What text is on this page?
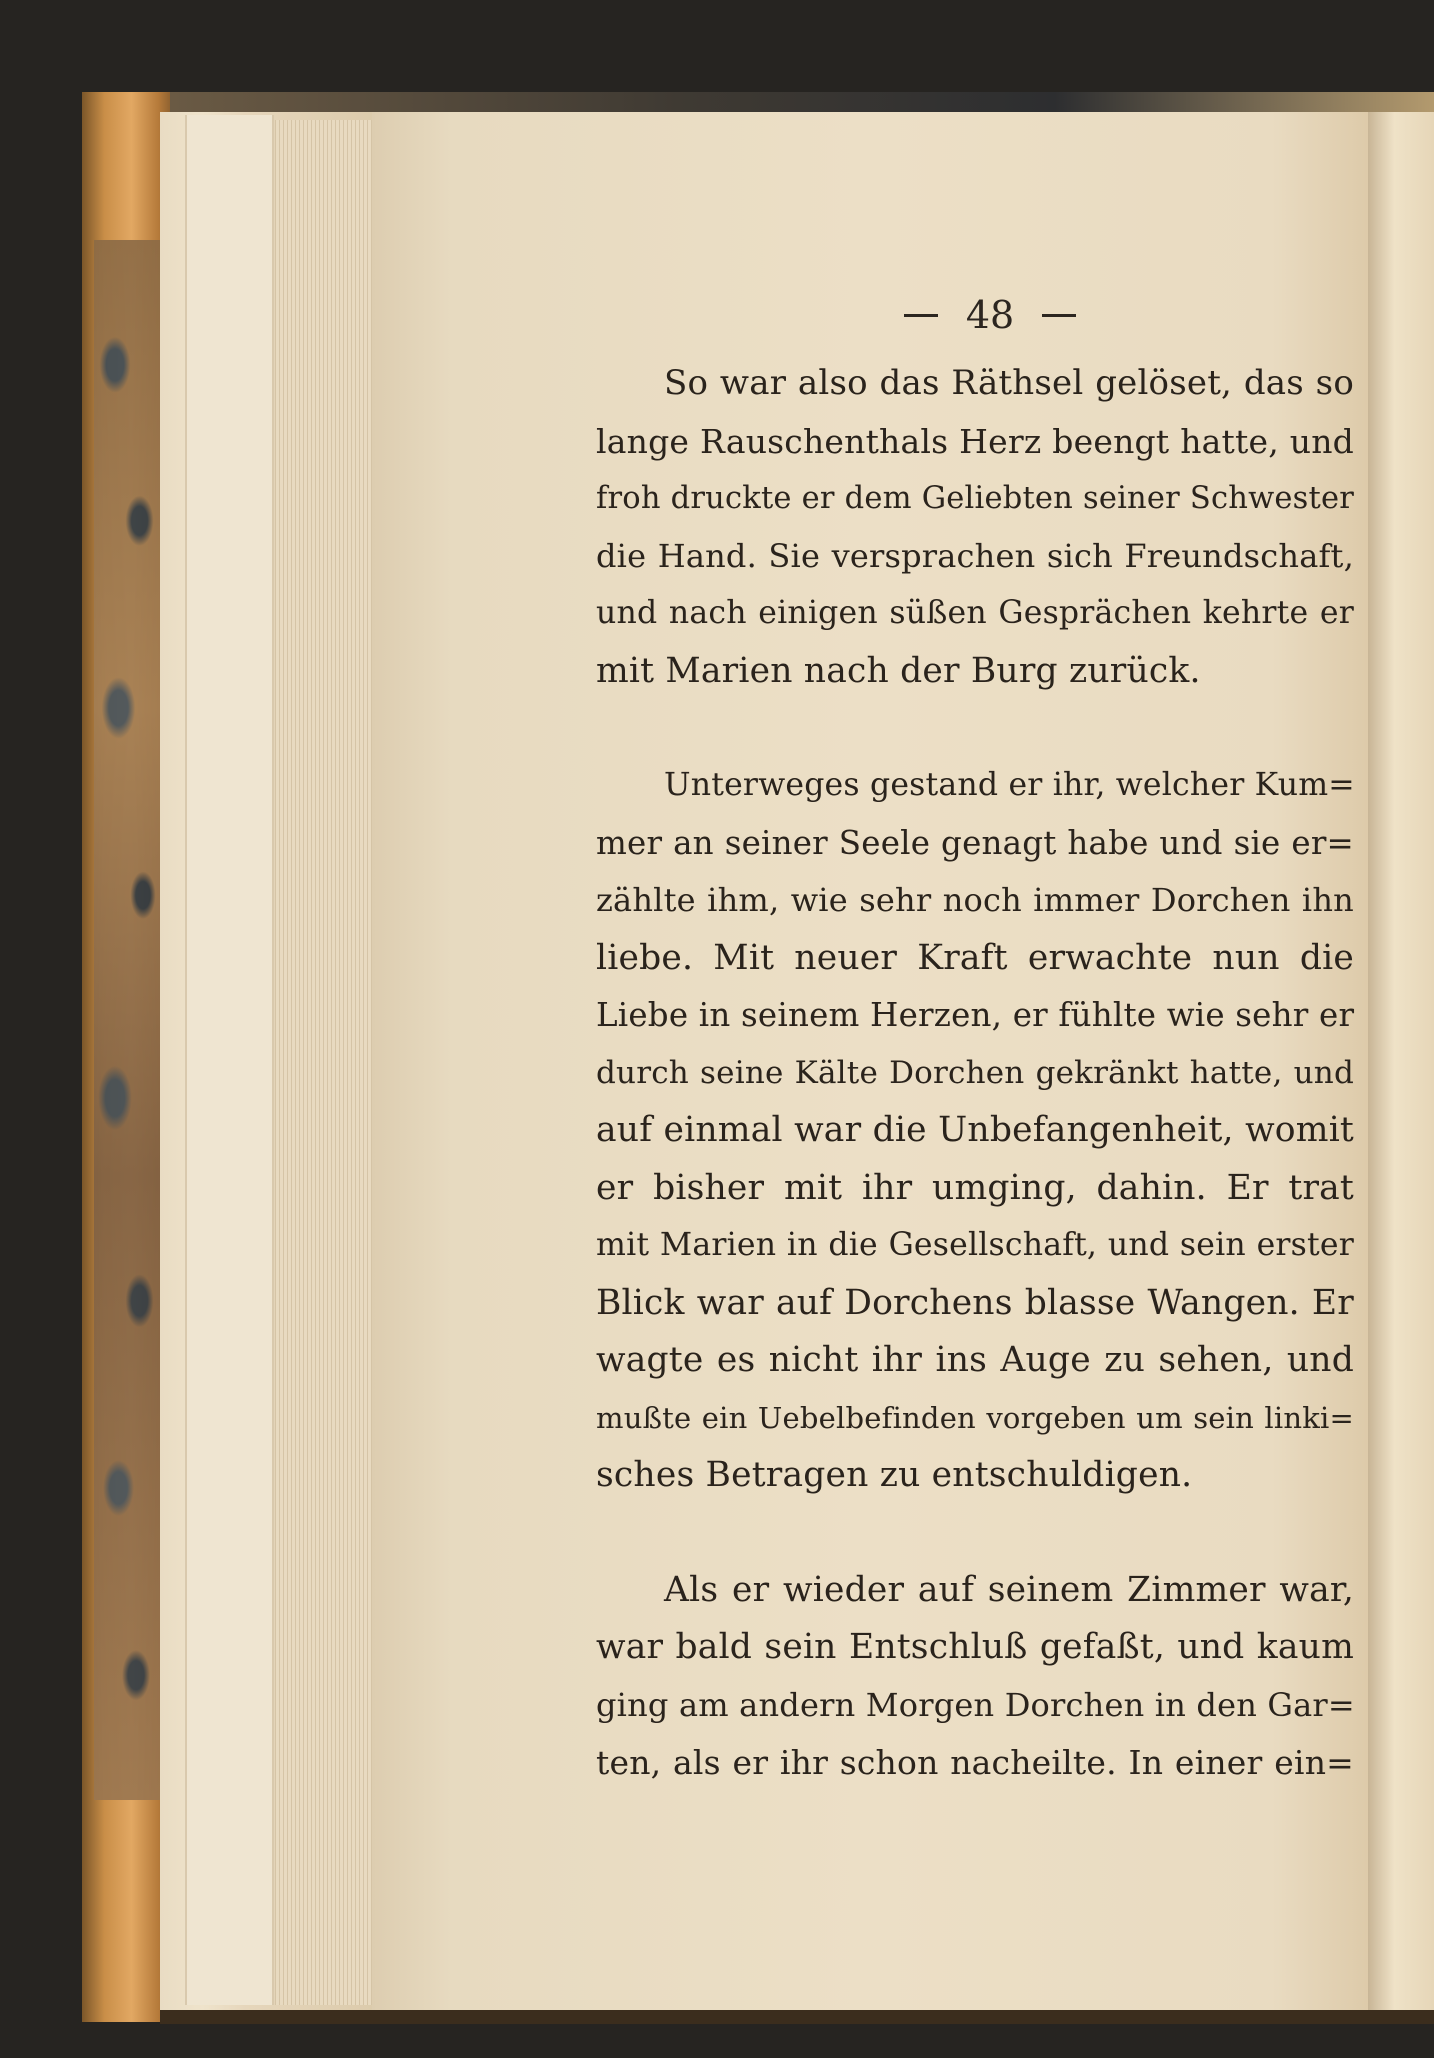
48
So war also das Räthsel gelöset, das so
lange Rauschenthals Herz beengt hatte, und
froh druckte er dem Geliebten seiner Schwester
die Hand. Sie versprachen sich Freundschaft,
und nach einigen süßen Gesprächen kehrte er
mit Marien nach der Burg zurück.
Unterweges gestand er ihr, welcher Kum=
mer an seiner Seele genagt habe und sie er=
zählte ihm, wie sehr noch immer Dorchen ihn
liebe. Mit neuer Kraft erwachte nun die
Liebe in seinem Herzen, er fühlte wie sehr er
durch seine Kälte Dorchen gekränkt hatte, und
auf einmal war die Unbefangenheit, womit
er bisher mit ihr umging, dahin. Er trat
mit Marien in die Gesellschaft, und sein erster
Blick war auf Dorchens blasse Wangen. Er
wagte es nicht ihr ins Auge zu sehen, und
mußte ein Uebelbefinden vorgeben um sein linki=
sches Betragen zu entschuldigen.
Als er wieder auf seinem Zimmer war,
war bald sein Entschluß gefaßt, und kaum
ging am andern Morgen Dorchen in den Gar=
ten, als er ihr schon nacheilte. In einer ein=
